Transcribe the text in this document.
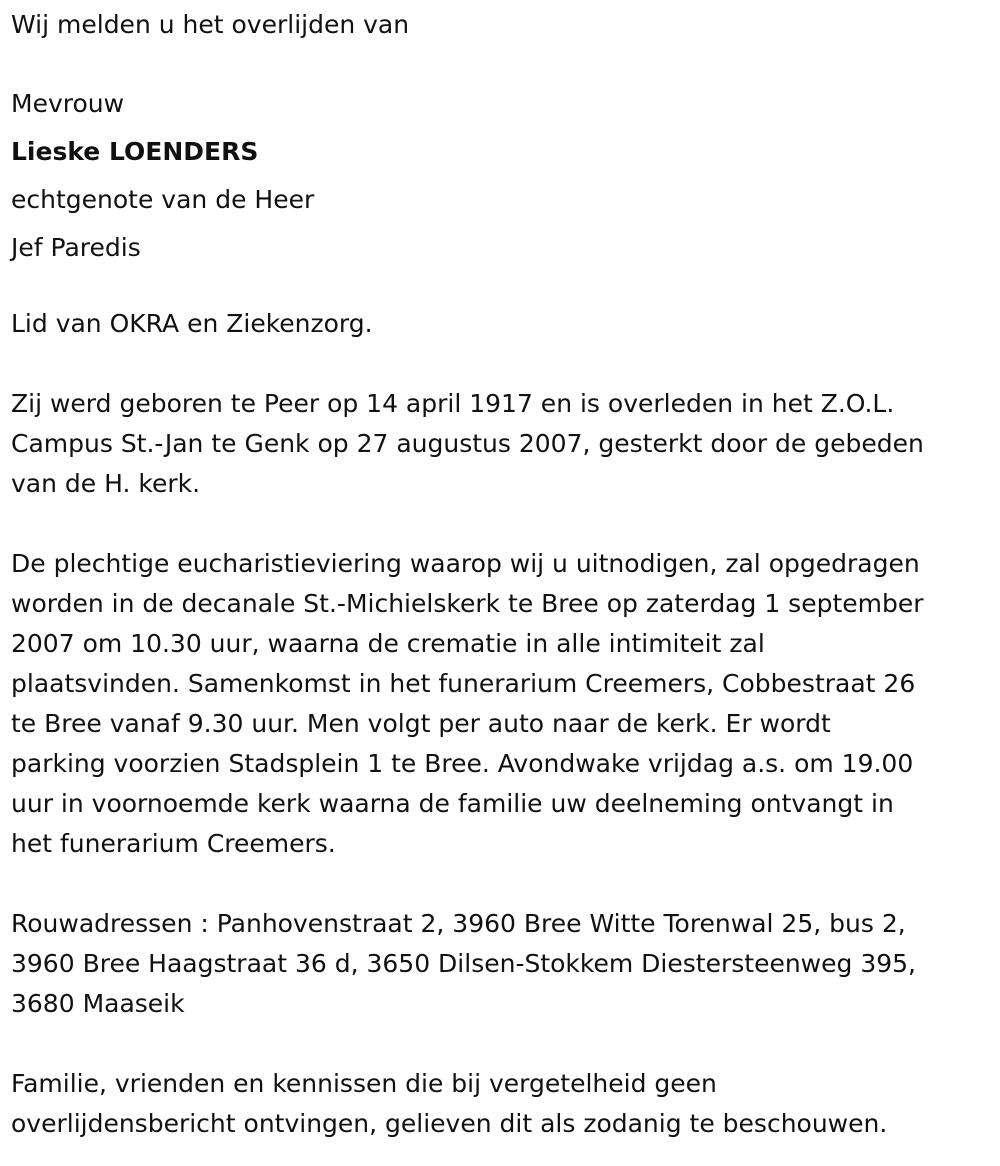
Wij melden u het overlijden van

Mevrouw

Lieske LOENDERS

echtgenote van de Heer

Jef Paredis

Lid van OKRA en Ziekenzorg.

Zij werd geboren te Peer op 14 april 1917 en is overleden in het Z.O.L.

Campus St.-Jan te Genk op 27 augustus 2007, gesterkt door de gebeden

van de H. kerk.

De plechtige eucharistieviering waarop wij u uitnodigen, zal opgedragen

worden in de decanale St.-Michielskerk te Bree op zaterdag 1 september

2007 om 10.30 uur, waarna de crematie in alle intimiteit zal

plaatsvinden. Samenkomst in het funerarium Creemers, Cobbestraat 26

te Bree vanaf 9.30 uur. Men volgt per auto naar de kerk. Er wordt

parking voorzien Stadsplein 1 te Bree. Avondwake vrijdag a.s. om 19.00

uur in voornoemde kerk waarna de familie uw deelneming ontvangt in

het funerarium Creemers.

Rouwadressen : Panhovenstraat 2, 3960 Bree Witte Torenwal 25, bus 2,

3960 Bree Haagstraat 36 d, 3650 Dilsen-Stokkem Diestersteenweg 395,

3680 Maaseik

Familie, vrienden en kennissen die bij vergetelheid geen

overlijdensbericht ontvingen, gelieven dit als zodanig te beschouwen.
